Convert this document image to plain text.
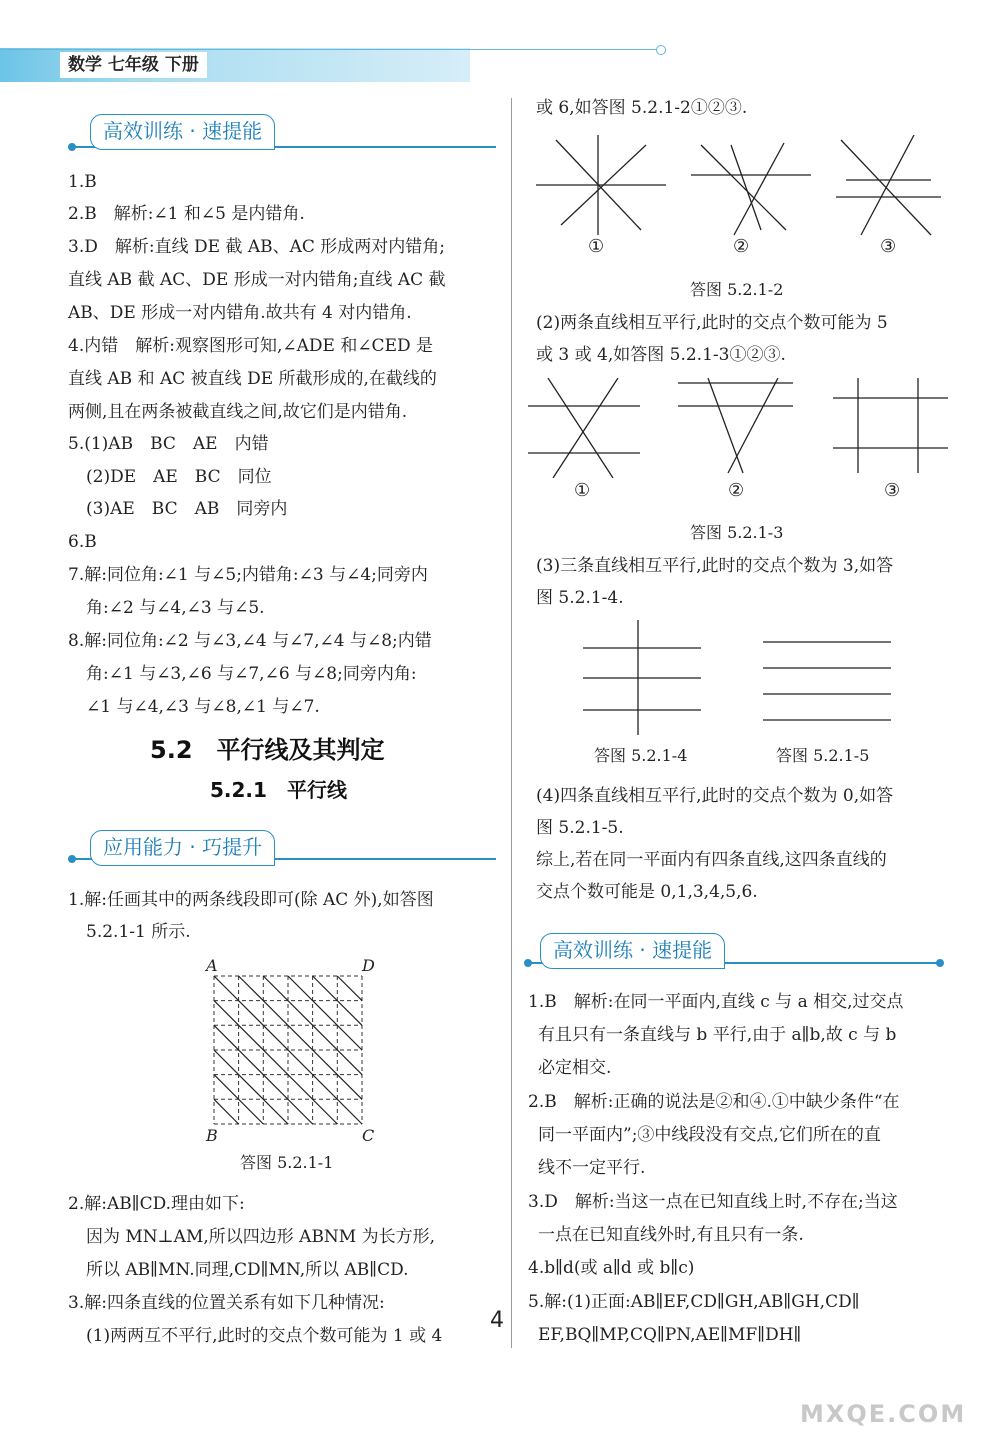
数学 七年级 下册
高效训练 · 速提能
1.B
2.B　解析:∠1 和∠5 是内错角.
3.D　解析:直线 DE 截 AB、AC 形成两对内错角;
直线 AB 截 AC、DE 形成一对内错角;直线 AC 截
AB、DE 形成一对内错角.故共有 4 对内错角.
4.内错　解析:观察图形可知,∠ADE 和∠CED 是
直线 AB 和 AC 被直线 DE 所截形成的,在截线的
两侧,且在两条被截直线之间,故它们是内错角.
5.(1)AB　BC　AE　内错
(2)DE　AE　BC　同位
(3)AE　BC　AB　同旁内
6.B
7.解:同位角:∠1 与∠5;内错角:∠3 与∠4;同旁内
角:∠2 与∠4,∠3 与∠5.
8.解:同位角:∠2 与∠3,∠4 与∠7,∠4 与∠8;内错
角:∠1 与∠3,∠6 与∠7,∠6 与∠8;同旁内角:
∠1 与∠4,∠3 与∠8,∠1 与∠7.
5.2　平行线及其判定
5.2.1　平行线
应用能力 · 巧提升
1.解:任画其中的两条线段即可(除 AC 外),如答图
5.2.1-1 所示.
A	D
B	C
答图 5.2.1-1
2.解:AB∥CD.理由如下:
因为 MN⊥AM,所以四边形 ABNM 为长方形,
所以 AB∥MN.同理,CD∥MN,所以 AB∥CD.
3.解:四条直线的位置关系有如下几种情况:
(1)两两互不平行,此时的交点个数可能为 1 或 4
或 6,如答图 5.2.1-2①②③.
①	②	③
答图 5.2.1-2
(2)两条直线相互平行,此时的交点个数可能为 5
或 3 或 4,如答图 5.2.1-3①②③.
①	②	③
答图 5.2.1-3
(3)三条直线相互平行,此时的交点个数为 3,如答
图 5.2.1-4.
答图 5.2.1-4	答图 5.2.1-5
(4)四条直线相互平行,此时的交点个数为 0,如答
图 5.2.1-5.
综上,若在同一平面内有四条直线,这四条直线的
交点个数可能是 0,1,3,4,5,6.
高效训练 · 速提能
1.B　解析:在同一平面内,直线 c 与 a 相交,过交点
有且只有一条直线与 b 平行,由于 a∥b,故 c 与 b
必定相交.
2.B　解析:正确的说法是②和④.①中缺少条件“在
同一平面内”;③中线段没有交点,它们所在的直
线不一定平行.
3.D　解析:当这一点在已知直线上时,不存在;当这
一点在已知直线外时,有且只有一条.
4.b∥d(或 a∥d 或 b∥c)
5.解:(1)正面:AB∥EF,CD∥GH,AB∥GH,CD∥
EF,BQ∥MP,CQ∥PN,AE∥MF∥DH∥
4
MXQE.COM
